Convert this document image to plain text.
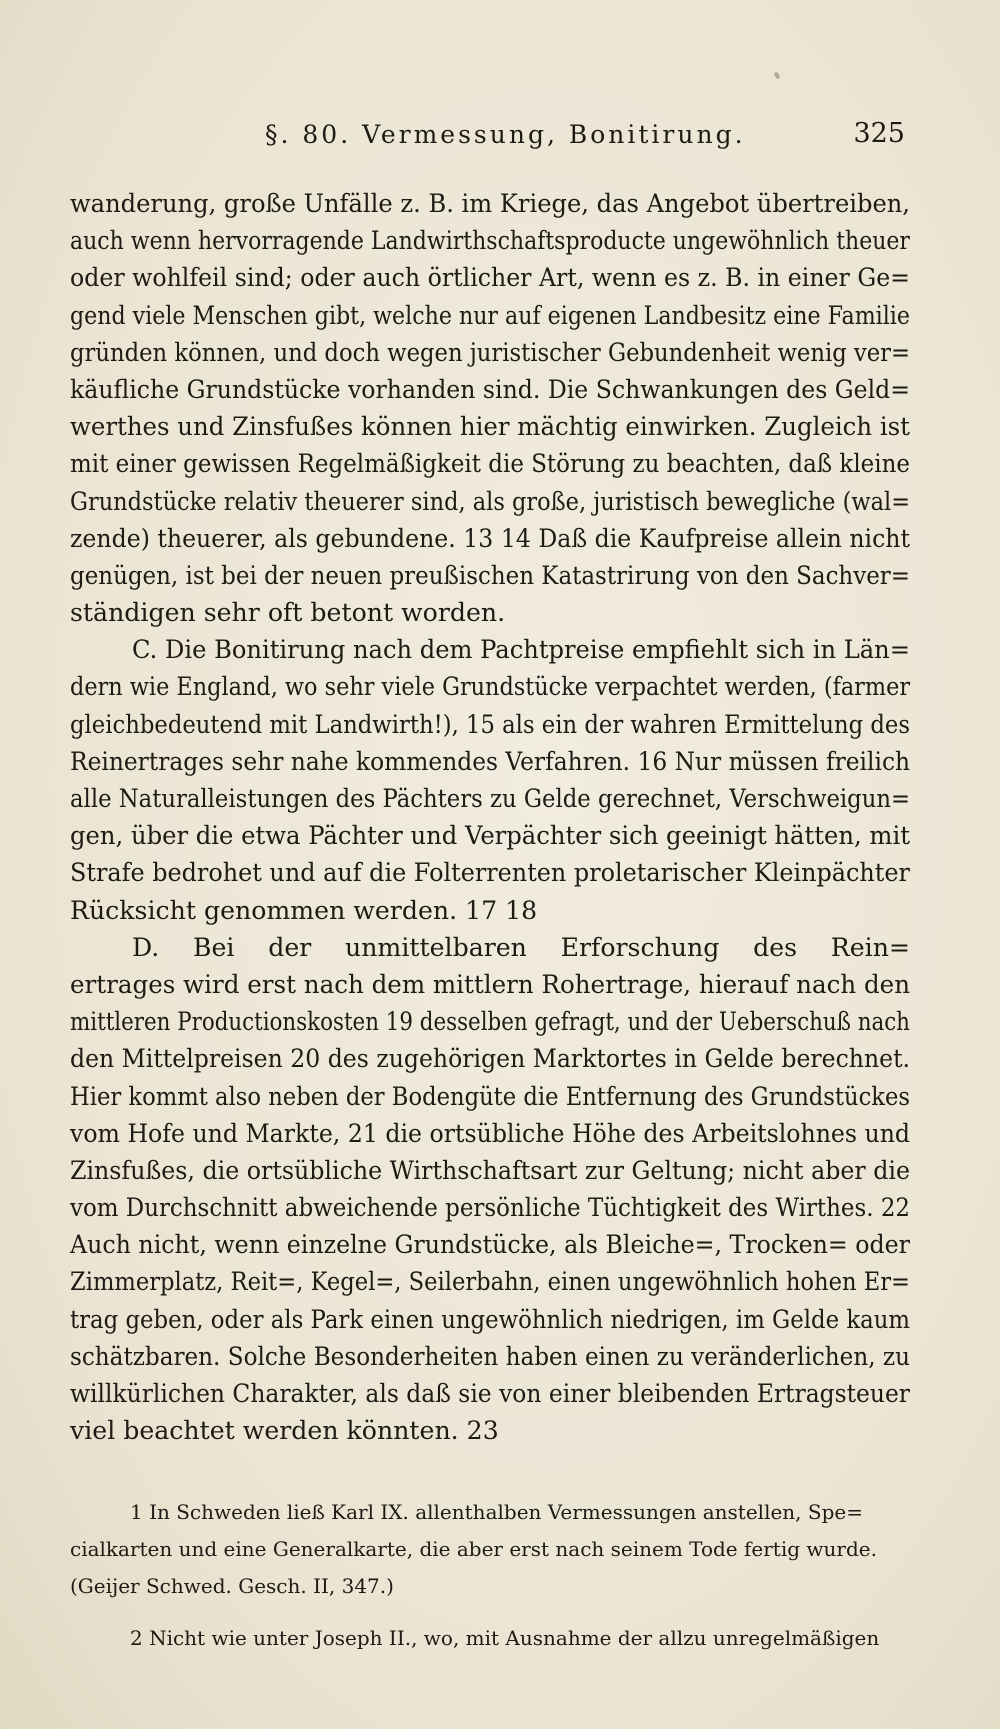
§. 80. Vermessung, Bonitirung.	325
wanderung, große Unfälle z. B. im Kriege, das Angebot übertreiben,
auch wenn hervorragende Landwirthschaftsproducte ungewöhnlich theuer
oder wohlfeil sind; oder auch örtlicher Art, wenn es z. B. in einer Ge=
gend viele Menschen gibt, welche nur auf eigenen Landbesitz eine Familie
gründen können, und doch wegen juristischer Gebundenheit wenig ver=
käufliche Grundstücke vorhanden sind. Die Schwankungen des Geld=
werthes und Zinsfußes können hier mächtig einwirken. Zugleich ist
mit einer gewissen Regelmäßigkeit die Störung zu beachten, daß kleine
Grundstücke relativ theuerer sind, als große, juristisch bewegliche (wal=
zende) theuerer, als gebundene. 13 14 Daß die Kaufpreise allein nicht
genügen, ist bei der neuen preußischen Katastrirung von den Sachver=
ständigen sehr oft betont worden.
C. Die Bonitirung nach dem Pachtpreise empfiehlt sich in Län=
dern wie England, wo sehr viele Grundstücke verpachtet werden, (farmer
gleichbedeutend mit Landwirth!), 15 als ein der wahren Ermittelung des
Reinertrages sehr nahe kommendes Verfahren. 16 Nur müssen freilich
alle Naturalleistungen des Pächters zu Gelde gerechnet, Verschweigun=
gen, über die etwa Pächter und Verpächter sich geeinigt hätten, mit
Strafe bedrohet und auf die Folterrenten proletarischer Kleinpächter
Rücksicht genommen werden. 17 18
D. Bei der unmittelbaren Erforschung des Rein=
ertrages wird erst nach dem mittlern Rohertrage, hierauf nach den
mittleren Productionskosten 19 desselben gefragt, und der Ueberschuß nach
den Mittelpreisen 20 des zugehörigen Marktortes in Gelde berechnet.
Hier kommt also neben der Bodengüte die Entfernung des Grundstückes
vom Hofe und Markte, 21 die ortsübliche Höhe des Arbeitslohnes und
Zinsfußes, die ortsübliche Wirthschaftsart zur Geltung; nicht aber die
vom Durchschnitt abweichende persönliche Tüchtigkeit des Wirthes. 22
Auch nicht, wenn einzelne Grundstücke, als Bleiche=, Trocken= oder
Zimmerplatz, Reit=, Kegel=, Seilerbahn, einen ungewöhnlich hohen Er=
trag geben, oder als Park einen ungewöhnlich niedrigen, im Gelde kaum
schätzbaren. Solche Besonderheiten haben einen zu veränderlichen, zu
willkürlichen Charakter, als daß sie von einer bleibenden Ertragsteuer
viel beachtet werden könnten. 23
1 In Schweden ließ Karl IX. allenthalben Vermessungen anstellen, Spe=
cialkarten und eine Generalkarte, die aber erst nach seinem Tode fertig wurde.
(Geijer Schwed. Gesch. II, 347.)
2 Nicht wie unter Joseph II., wo, mit Ausnahme der allzu unregelmäßigen
